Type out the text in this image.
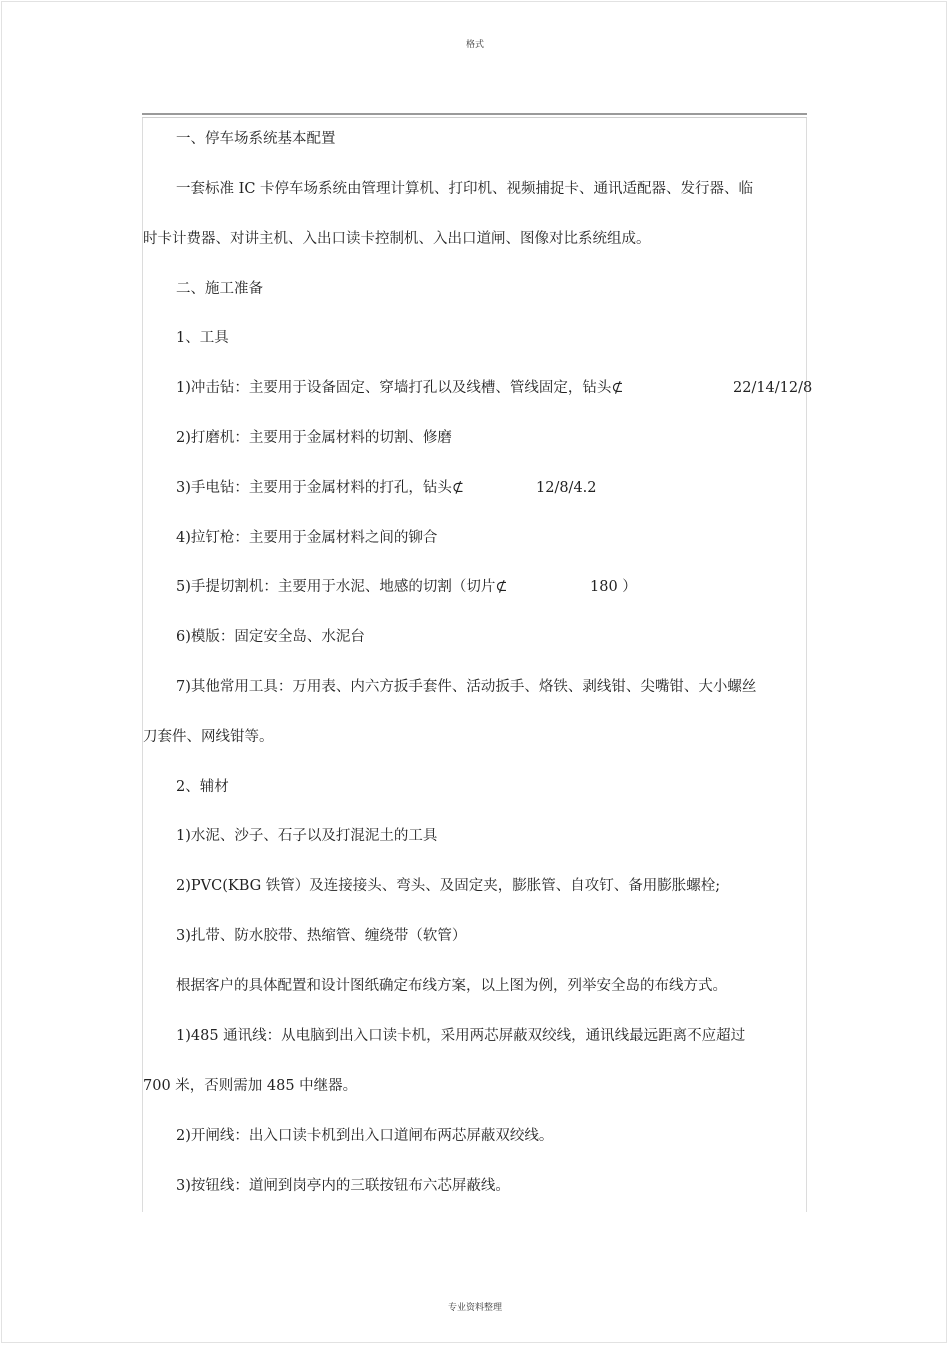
格式
一、停车场系统基本配置
一套标准 IC 卡停车场系统由管理计算机、打印机、视频捕捉卡、通讯适配器、发行器、临
时卡计费器、对讲主机、入出口读卡控制机、入出口道闸、图像对比系统组成。
二、施工准备
1、工具
1)冲击钻：主要用于设备固定、穿墙打孔以及线槽、管线固定，钻头⊄	22/14/12/8
2)打磨机：主要用于金属材料的切割、修磨
3)手电钻：主要用于金属材料的打孔，钻头⊄	12/8/4.2
4)拉钉枪：主要用于金属材料之间的铆合
5)手提切割机：主要用于水泥、地感的切割（切片⊄	180 ）
6)模版：固定安全岛、水泥台
7)其他常用工具：万用表、内六方扳手套件、活动扳手、烙铁、剥线钳、尖嘴钳、大小螺丝
刀套件、网线钳等。
2、辅材
1)水泥、沙子、石子以及打混泥土的工具
2)PVC(KBG 铁管）及连接接头、弯头、及固定夹，膨胀管、自攻钉、备用膨胀螺栓;
3)扎带、防水胶带、热缩管、缠绕带（软管）
根据客户的具体配置和设计图纸确定布线方案，以上图为例，列举安全岛的布线方式。
1)485 通讯线：从电脑到出入口读卡机，采用两芯屏蔽双绞线，通讯线最远距离不应超过
700 米，否则需加 485 中继器。
2)开闸线：出入口读卡机到出入口道闸布两芯屏蔽双绞线。
3)按钮线：道闸到岗亭内的三联按钮布六芯屏蔽线。
专业资料整理
